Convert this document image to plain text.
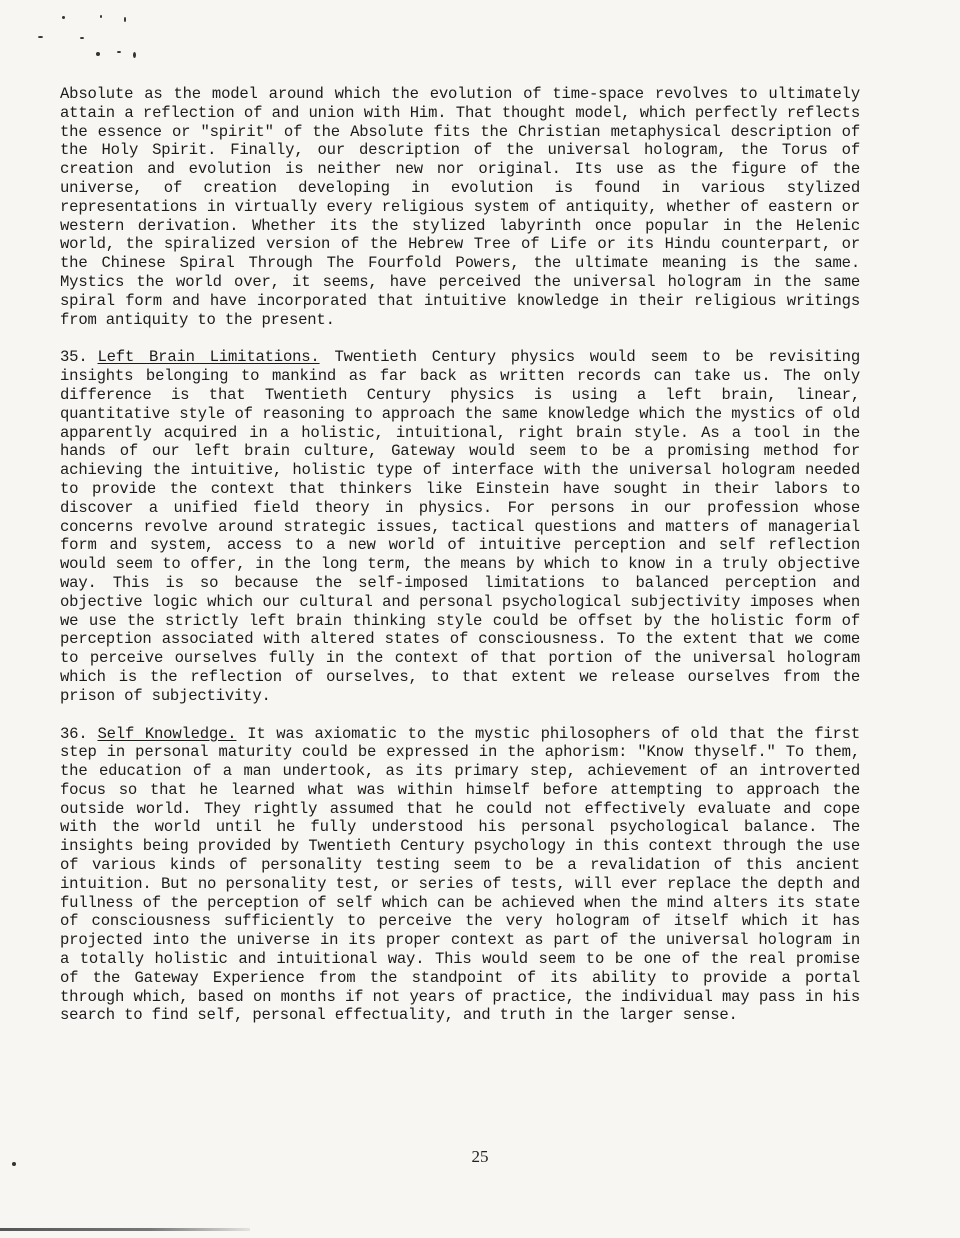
Absolute as the model around which the evolution of time-space revolves to ultimately attain a reflection of and union with Him. That thought model, which perfectly reflects the essence or "spirit" of the Absolute fits the Christian metaphysical description of the Holy Spirit. Finally, our description of the universal hologram, the Torus of creation and evolution is neither new nor original. Its use as the figure of the universe, of creation developing in evolution is found in various stylized representations in virtually every religious system of antiquity, whether of eastern or western derivation. Whether its the stylized labyrinth once popular in the Helenic world, the spiralized version of the Hebrew Tree of Life or its Hindu counterpart, or the Chinese Spiral Through The Fourfold Powers, the ultimate meaning is the same. Mystics the world over, it seems, have perceived the universal hologram in the same spiral form and have incorporated that intuitive knowledge in their religious writings from antiquity to the present.

35. Left Brain Limitations. Twentieth Century physics would seem to be revisiting insights belonging to mankind as far back as written records can take us. The only difference is that Twentieth Century physics is using a left brain, linear, quantitative style of reasoning to approach the same knowledge which the mystics of old apparently acquired in a holistic, intuitional, right brain style. As a tool in the hands of our left brain culture, Gateway would seem to be a promising method for achieving the intuitive, holistic type of interface with the universal hologram needed to provide the context that thinkers like Einstein have sought in their labors to discover a unified field theory in physics. For persons in our profession whose concerns revolve around strategic issues, tactical questions and matters of managerial form and system, access to a new world of intuitive perception and self reflection would seem to offer, in the long term, the means by which to know in a truly objective way. This is so because the self-imposed limitations to balanced perception and objective logic which our cultural and personal psychological subjectivity imposes when we use the strictly left brain thinking style could be offset by the holistic form of perception associated with altered states of consciousness. To the extent that we come to perceive ourselves fully in the context of that portion of the universal hologram which is the reflection of ourselves, to that extent we release ourselves from the prison of subjectivity.

36. Self Knowledge. It was axiomatic to the mystic philosophers of old that the first step in personal maturity could be expressed in the aphorism: "Know thyself." To them, the education of a man undertook, as its primary step, achievement of an introverted focus so that he learned what was within himself before attempting to approach the outside world. They rightly assumed that he could not effectively evaluate and cope with the world until he fully understood his personal psychological balance. The insights being provided by Twentieth Century psychology in this context through the use of various kinds of personality testing seem to be a revalidation of this ancient intuition. But no personality test, or series of tests, will ever replace the depth and fullness of the perception of self which can be achieved when the mind alters its state of consciousness sufficiently to perceive the very hologram of itself which it has projected into the universe in its proper context as part of the universal hologram in a totally holistic and intuitional way. This would seem to be one of the real promise of the Gateway Experience from the standpoint of its ability to provide a portal through which, based on months if not years of practice, the individual may pass in his search to find self, personal effectuality, and truth in the larger sense.

25
